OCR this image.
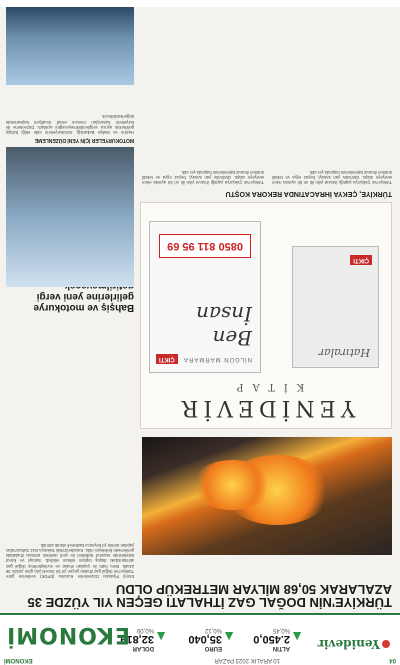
04
10 ARALIK 2023 PAZAR
EKONOMİ
Yenidevir
▲
ALTIN
2.450,0
%0,45
▲
EURO
35,040
%0,12
▲
DOLAR
32,819
%0,09
EKONOMİ
TÜRKİYE'NİN DOĞAL GAZ İTHALATI GEÇEN YIL YÜZDE 35 AZALARAK 50,68 MİLYAR METREKÜP OLDU
Enerji Piyasası Düzenleme Kurumu (EPDK) verilerine göre Türkiye'nin doğal gaz ithalatı geçen yıl bir önceki yıla göre yüzde 35 azaldı. Boru hattı ile yapılan ithalat ve sıvılaştırılmış doğal gaz alımlarındaki düşüş toplam miktarı etkiledi. Sanayi ve konut tüketiminde tasarruf tedbirleri ile yerli üretimin artması ithalattaki gerilemede belirleyici oldu. Karadeniz'deki Sakarya Gaz Sahası'ndan yapılan üretim yıl boyunca kademeli olarak artırıldı.
YENİDEVİR
KİTAP
Hatıralar
ÇIKTI
NİLGÜN MARMARA
Ben İnsan
ÇIKTI
0850 811 95 69
TÜRKİYE, ÇEKYA İHRACATINDA REKORA KOŞTU
Türkiye'nin Çekya'ya yaptığı ihracat yılın ilk on bir ayında rekor seviyeye ulaştı. Otomotiv yan sanayi, beyaz eşya ve tekstil ürünleri ihracat kalemlerinin başında yer aldı.
Türkiye'nin Çekya'ya yaptığı ihracat yılın ilk on bir ayında rekor seviyeye ulaştı. Otomotiv yan sanayi, beyaz eşya ve tekstil ürünleri ihracat kalemlerinin başında yer aldı.
Bahşiş ve motokurye gelirlerine yeni vergi
MOTOKURYELER İÇİN YENİ DÜZENLEME
Hazine ve Maliye Bakanlığı, motokuryelerin elde ettiği bahşiş gelirlerinin ayrıca vergilendirilmeyeceğini açıkladı. Düzenleme ile kuryelerin kazançları mevcut esnaf muafiyeti kapsamında değerlendirilecek.
